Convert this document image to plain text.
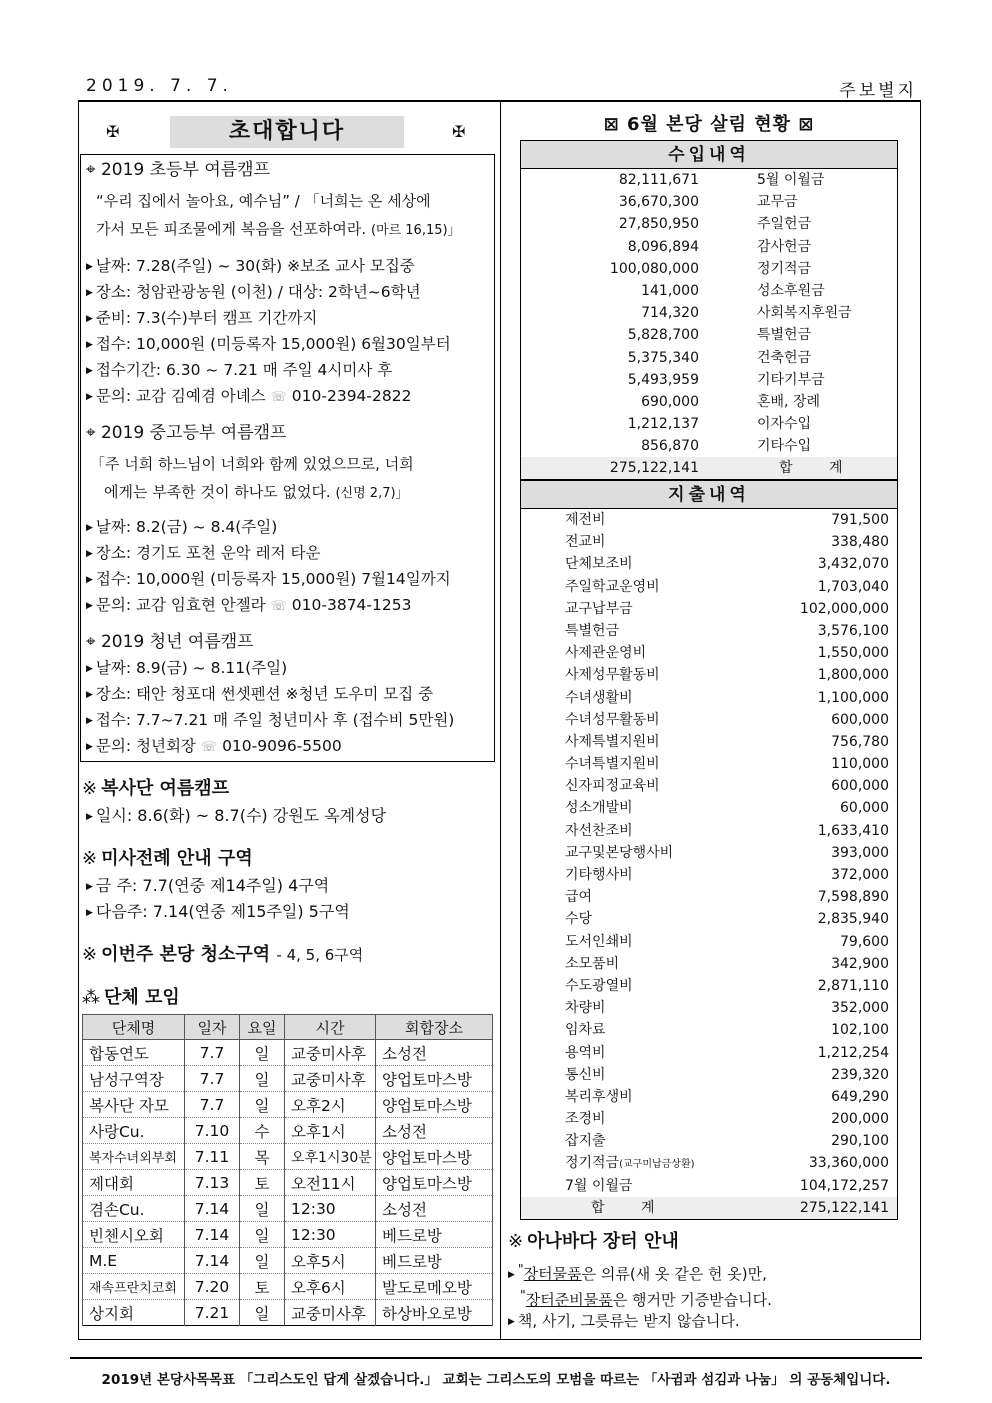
2019. 7. 7.	주보별지
✠	초대합니다	✠
⌖ 2019 초등부 여름캠프
“우리 집에서 놀아요, 예수님” / 「너희는 온 세상에
가서 모든 피조물에게 복음을 선포하여라. (마르 16,15)」
▶ 날짜: 7.28(주일) ~ 30(화) ※보조 교사 모집중
▶ 장소: 청암관광농원 (이천) / 대상: 2학년~6학년
▶ 준비: 7.3(수)부터 캠프 기간까지
▶ 접수: 10,000원 (미등록자 15,000원) 6월30일부터
▶ 접수기간: 6.30 ~ 7.21 매 주일 4시미사 후
▶ 문의: 교감 김예겸 아녜스 ☏ 010-2394-2822
⌖ 2019 중고등부 여름캠프
「주 너희 하느님이 너희와 함께 있었으므로, 너희
에게는 부족한 것이 하나도 없었다. (신명 2,7)」
▶ 날짜: 8.2(금) ~ 8.4(주일)
▶ 장소: 경기도 포천 운악 레저 타운
▶ 접수: 10,000원 (미등록자 15,000원) 7월14일까지
▶ 문의: 교감 임효현 안젤라 ☏ 010-3874-1253
⌖ 2019 청년 여름캠프
▶ 날짜: 8.9(금) ~ 8.11(주일)
▶ 장소: 태안 청포대 썬셋펜션 ※청년 도우미 모집 중
▶ 접수: 7.7~7.21 매 주일 청년미사 후 (접수비 5만원)
▶ 문의: 청년회장 ☏ 010-9096-5500
※ 복사단 여름캠프
▶ 일시: 8.6(화) ~ 8.7(수) 강원도 옥계성당
※ 미사전례 안내 구역
▶ 금 주: 7.7(연중 제14주일) 4구역
▶ 다음주: 7.14(연중 제15주일) 5구역
※ 이번주 본당 청소구역 - 4, 5, 6구역
⁂ 단체 모임
단체명	일자	요일	시간	회합장소
합동연도	7.7	일	교중미사후	소성전
남성구역장	7.7	일	교중미사후	양업토마스방
복사단 자모	7.7	일	오후2시	양업토마스방
사랑Cu.	7.10	수	오후1시	소성전
복자수녀외부회	7.11	목	오후1시30분	양업토마스방
제대회	7.13	토	오전11시	양업토마스방
겸손Cu.	7.14	일	12:30	소성전
빈첸시오회	7.14	일	12:30	베드로방
M.E	7.14	일	오후5시	베드로방
재속프란치코회	7.20	토	오후6시	발도로메오방
상지회	7.21	일	교중미사후	하상바오로방
⊠ 6월 본당 살림 현황 ⊠
수입내역
82,111,671	5월 이월금
36,670,300	교무금
27,850,950	주일헌금
8,096,894	감사헌금
100,080,000	정기적금
141,000	성소후원금
714,320	사회복지후원금
5,828,700	특별헌금
5,375,340	건축헌금
5,493,959	기타기부금
690,000	혼배, 장례
1,212,137	이자수입
856,870	기타수입
275,122,141	합 계
지출내역
제전비	791,500
전교비	338,480
단체보조비	3,432,070
주일학교운영비	1,703,040
교구납부금	102,000,000
특별헌금	3,576,100
사제관운영비	1,550,000
사제성무활동비	1,800,000
수녀생활비	1,100,000
수녀성무활동비	600,000
사제특별지원비	756,780
수녀특별지원비	110,000
신자피정교육비	600,000
성소개발비	60,000
자선찬조비	1,633,410
교구및본당행사비	393,000
기타행사비	372,000
급여	7,598,890
수당	2,835,940
도서인쇄비	79,600
소모품비	342,900
수도광열비	2,871,110
차량비	352,000
임차료	102,100
용역비	1,212,254
통신비	239,320
복리후생비	649,290
조경비	200,000
잡지출	290,100
정기적금(교구미납금상환)	33,360,000
7월 이월금	104,172,257
합 계	275,122,141
※ 아나바다 장터 안내
▶ "장터물품은 의류(새 옷 같은 헌 옷)만,
"장터준비물품은 행거만 기증받습니다.
▶ 책, 사기, 그릇류는 받지 않습니다.
2019년 본당사목목표 「그리스도인 답게 살겠습니다.」 교회는 그리스도의 모범을 따르는 「사귐과 섬김과 나눔」 의 공동체입니다.
